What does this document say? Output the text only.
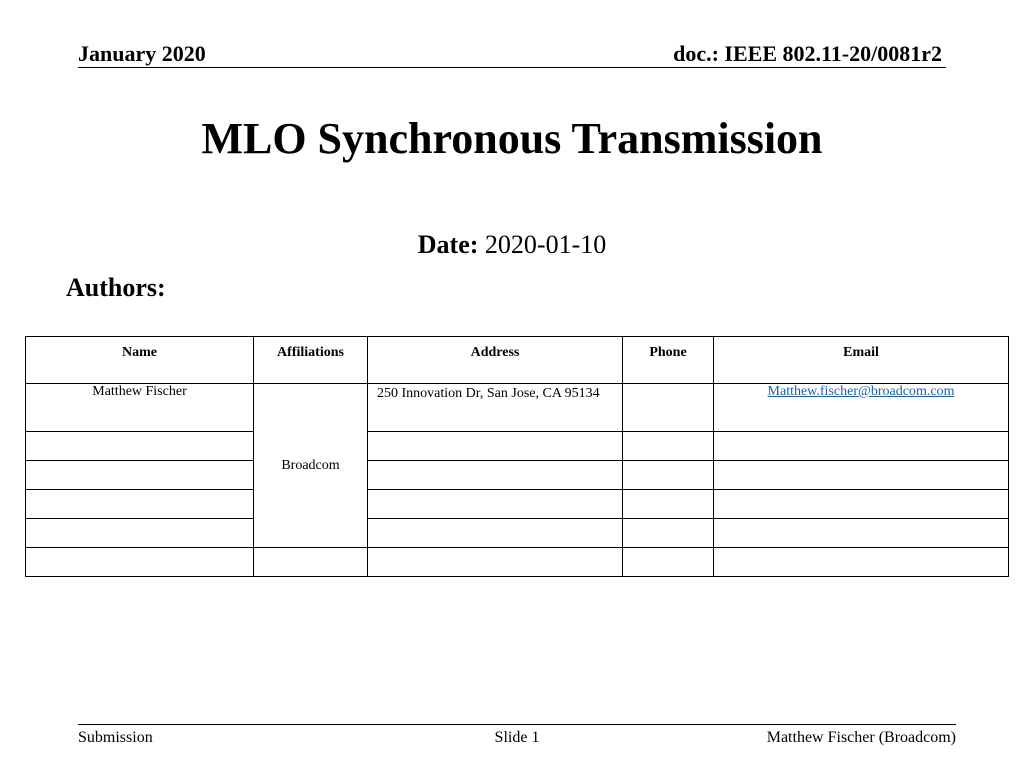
January 2020	doc.: IEEE 802.11-20/0081r2
MLO Synchronous Transmission
Date: 2020-01-10
Authors:
Name	Affiliations	Address	Phone	Email
Matthew Fischer	Broadcom	250 Innovation Dr, San Jose, CA 95134		Matthew.fischer@broadcom.com

Submission	Slide 1	Matthew Fischer (Broadcom)
